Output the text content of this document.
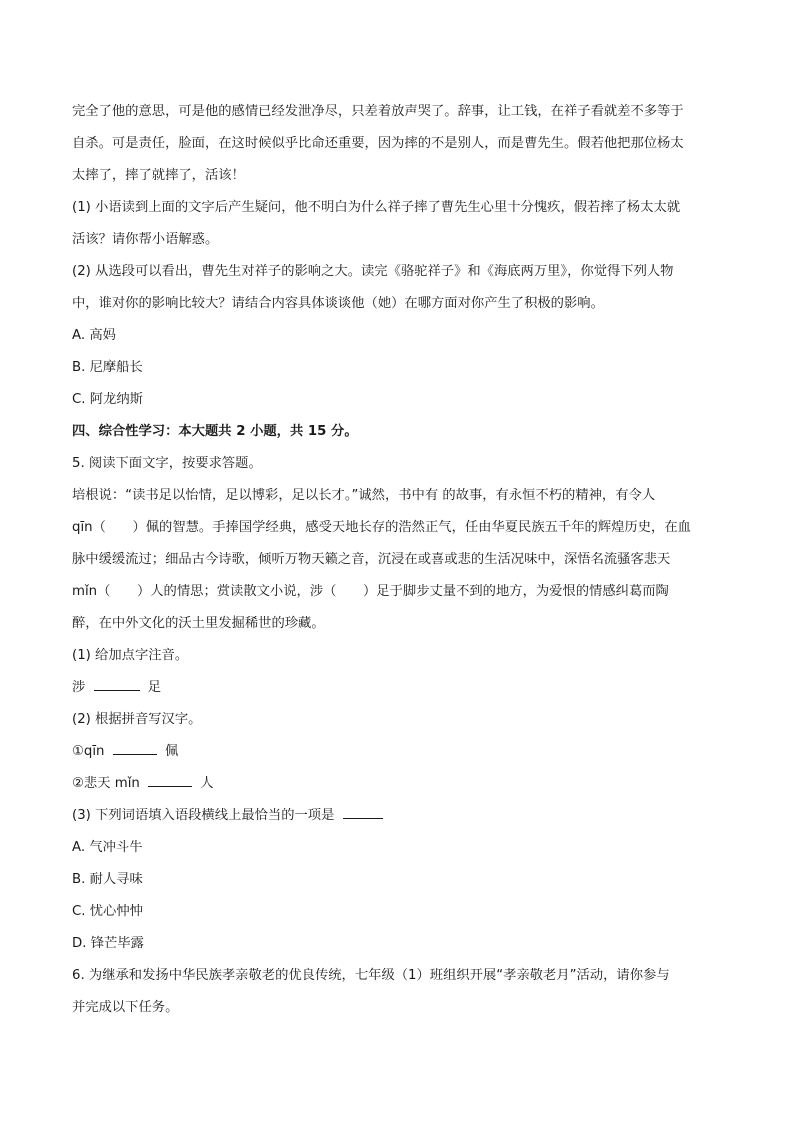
完全了他的意思，可是他的感情已经发泄净尽，只差着放声哭了。辞事，让工钱，在祥子看就差不多等于
自杀。可是责任，脸面，在这时候似乎比命还重要，因为摔的不是别人，而是曹先生。假若他把那位杨太
太摔了，摔了就摔了，活该！
(1) 小语读到上面的文字后产生疑问，他不明白为什么祥子摔了曹先生心里十分愧疚，假若摔了杨太太就
活该？请你帮小语解惑。
(2) 从选段可以看出，曹先生对祥子的影响之大。读完《骆驼祥子》和《海底两万里》，你觉得下列人物
中，谁对你的影响比较大？请结合内容具体谈谈他（她）在哪方面对你产生了积极的影响。
A. 高妈
B. 尼摩船长
C. 阿龙纳斯
四、综合性学习：本大题共 2 小题，共 15 分。
5. 阅读下面文字，按要求答题。
培根说：“读书足以怡情，足以博彩，足以长才。”诚然，书中有 的故事，有永恒不朽的精神，有令人
qīn（　　）佩的智慧。手捧国学经典，感受天地长存的浩然正气，任由华夏民族五千年的辉煌历史，在血
脉中缓缓流过；细品古今诗歌，倾听万物天籁之音，沉浸在或喜或悲的生活况味中，深悟名流骚客悲天
mǐn（　　）人的情思；赏读散文小说，涉（　　）足于脚步丈量不到的地方，为爱恨的情感纠葛而陶
醉，在中外文化的沃土里发掘稀世的珍藏。
(1) 给加点字注音。
涉	足
(2) 根据拼音写汉字。
①qīn	佩
②悲天 mǐn	人
(3) 下列词语填入语段横线上最恰当的一项是
A. 气冲斗牛
B. 耐人寻味
C. 忧心忡忡
D. 锋芒毕露
6. 为继承和发扬中华民族孝亲敬老的优良传统，七年级（1）班组织开展“孝亲敬老月”活动，请你参与
并完成以下任务。
